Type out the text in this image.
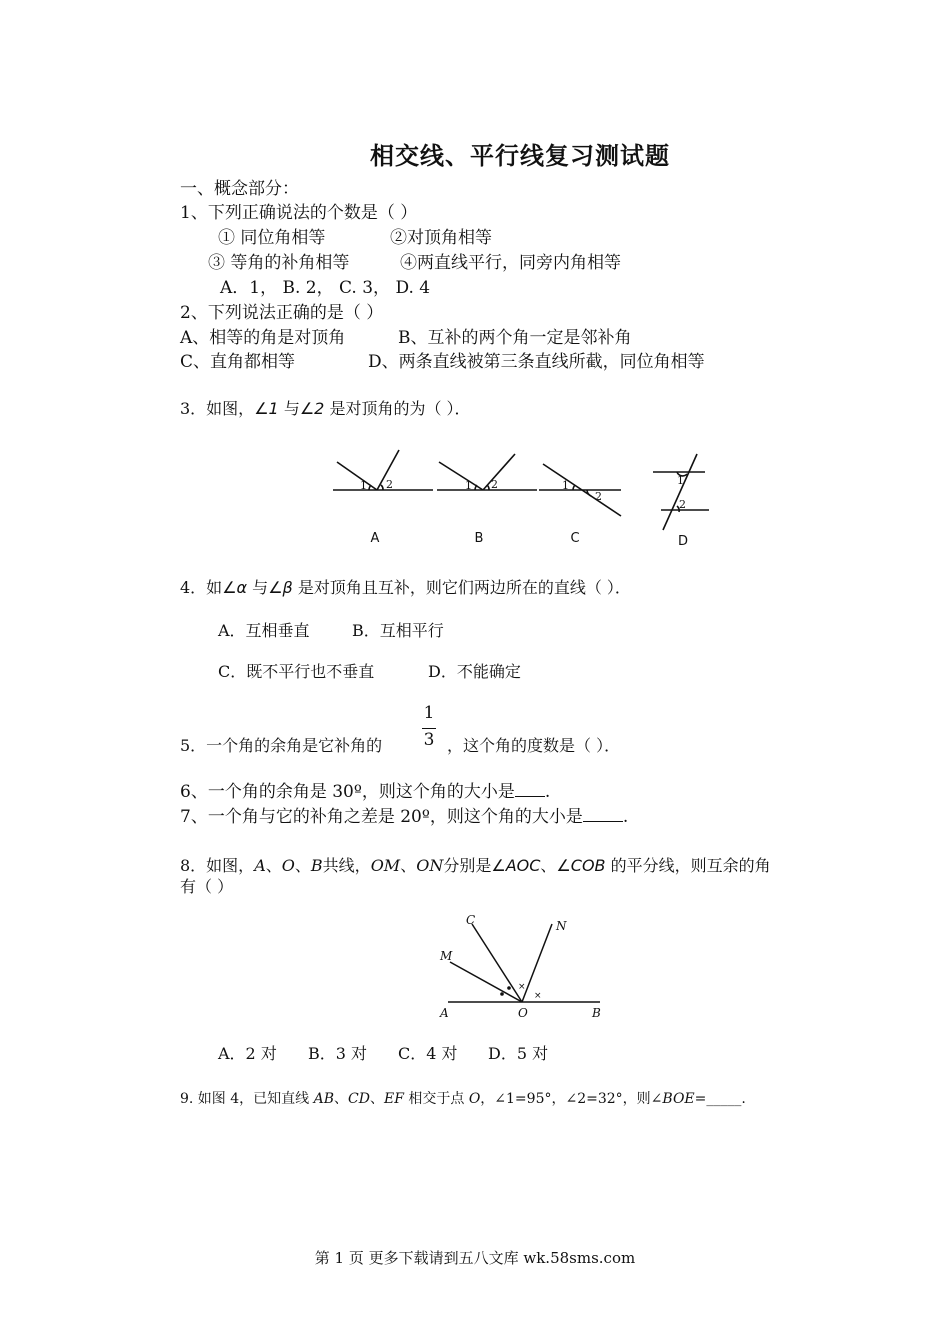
相交线、平行线复习测试题
一、概念部分：
1、下列正确说法的个数是（ ）
① 同位角相等	②对顶角相等
③ 等角的补角相等	④两直线平行，同旁内角相等
A．1， B. 2， C. 3， D. 4
2、下列说法正确的是（ ）
A、相等的角是对顶角	B、互补的两个角一定是邻补角
C、直角都相等	D、两条直线被第三条直线所截，同位角相等
3．如图，∠1 与∠2 是对顶角的为（ ）．
1 2	1 2	1
2
1
2
A	B	C	D
4．如∠α 与∠β 是对顶角且互补，则它们两边所在的直线（ ）．
A．互相垂直	B．互相平行
C．既不平行也不垂直	D．不能确定
5．一个角的余角是它补角的
1
3 ，这个角的度数是（ ）．
6、一个角的余角是 30º，则这个角的大小是 .
7、一个角与它的补角之差是 20º，则这个角的大小是 .
8．如图，A、O、B共线，OM、ON分别是∠AOC、∠COB 的平分线，则互余的角
有（ ）
×
×
C	N
M
A	O	B
A．2 对 B．3 对 C．4 对 D．5 对
9. 如图 4，已知直线 AB、CD、EF 相交于点 O，∠1=95°，∠2=32°，则∠BOE=_____.
第 1 页 更多下载请到五八文库 wk.58sms.com
